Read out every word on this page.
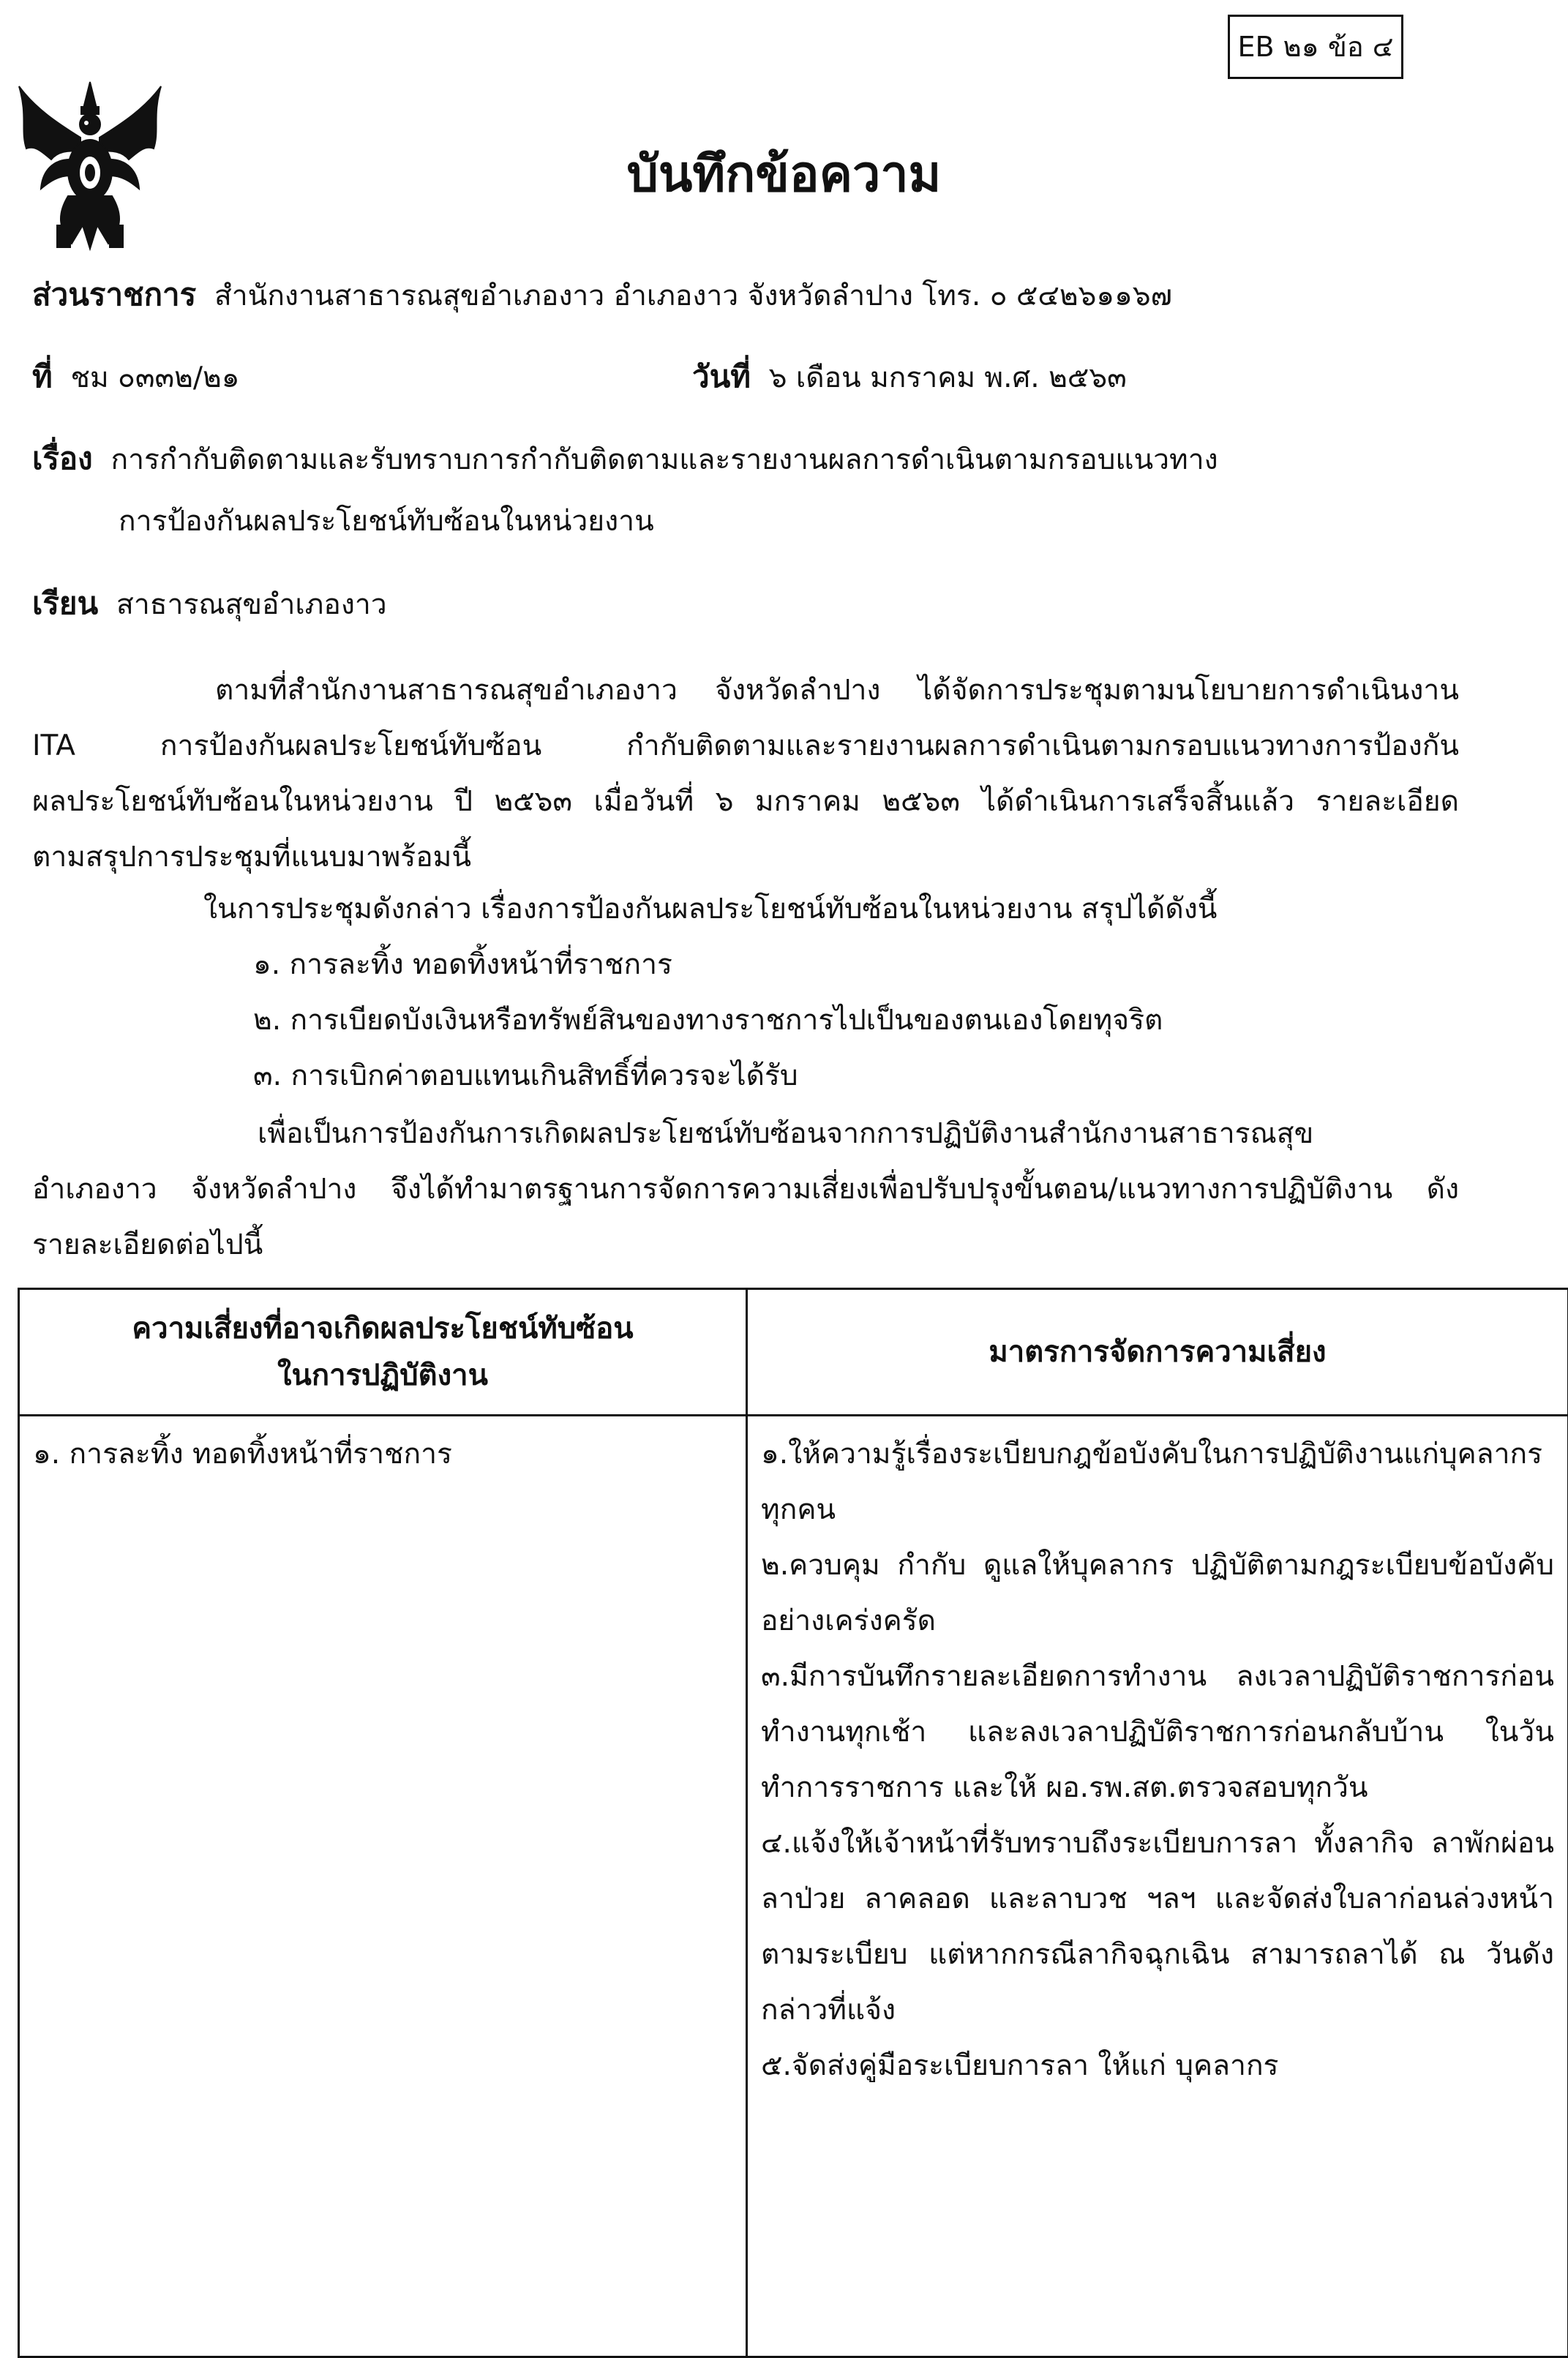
EB ๒๑ ข้อ ๔
บันทึกข้อความ
ส่วนราชการ สำนักงานสาธารณสุขอำเภองาว อำเภองาว จังหวัดลำปาง โทร. ๐ ๕๔๒๖๑๑๖๗
ที่ ชม ๐๓๓๒/๒๑	วันที่ ๖ เดือน มกราคม พ.ศ. ๒๕๖๓
เรื่อง การกำกับติดตามและรับทราบการกำกับติดตามและรายงานผลการดำเนินตามกรอบแนวทาง
การป้องกันผลประโยชน์ทับซ้อนในหน่วยงาน
เรียน สาธารณสุขอำเภองาว

ตามที่สำนักงานสาธารณสุขอำเภองาว จังหวัดลำปาง ได้จัดการประชุมตามนโยบายการดำเนินงาน

ITA การป้องกันผลประโยชน์ทับซ้อน กำกับติดตามและรายงานผลการดำเนินตามกรอบแนวทางการป้องกัน

ผลประโยชน์ทับซ้อนในหน่วยงาน ปี ๒๕๖๓ เมื่อวันที่ ๖ มกราคม ๒๕๖๓ ได้ดำเนินการเสร็จสิ้นแล้ว รายละเอียด

ตามสรุปการประชุมที่แนบมาพร้อมนี้

ในการประชุมดังกล่าว เรื่องการป้องกันผลประโยชน์ทับซ้อนในหน่วยงาน สรุปได้ดังนี้
๑. การละทิ้ง ทอดทิ้งหน้าที่ราชการ
๒. การเบียดบังเงินหรือทรัพย์สินของทางราชการไปเป็นของตนเองโดยทุจริต
๓. การเบิกค่าตอบแทนเกินสิทธิ์ที่ควรจะได้รับ

เพื่อเป็นการป้องกันการเกิดผลประโยชน์ทับซ้อนจากการปฏิบัติงานสำนักงานสาธารณสุข

อำเภองาว จังหวัดลำปาง จึงได้ทำมาตรฐานการจัดการความเสี่ยงเพื่อปรับปรุงขั้นตอน/แนวทางการปฏิบัติงาน ดัง

รายละเอียดต่อไปนี้

ความเสี่ยงที่อาจเกิดผลประโยชน์ทับซ้อน
ในการปฏิบัติงาน	มาตรการจัดการความเสี่ยง

๑. การละทิ้ง ทอดทิ้งหน้าที่ราชการ	๑.ให้ความรู้เรื่องระเบียบกฎข้อบังคับในการปฏิบัติงานแก่บุคลากรทุกคน

๒.ควบคุม กำกับ ดูแลให้บุคลากร ปฏิบัติตามกฎระเบียบข้อบังคับอย่างเคร่งครัด

๓.มีการบันทึกรายละเอียดการทำงาน ลงเวลาปฏิบัติราชการก่อนทำงานทุกเช้า และลงเวลาปฏิบัติราชการก่อนกลับบ้าน ในวันทำการราชการ และให้ ผอ.รพ.สต.ตรวจสอบทุกวัน

๔.แจ้งให้เจ้าหน้าที่รับทราบถึงระเบียบการลา ทั้งลากิจ ลาพักผ่อน ลาป่วย ลาคลอด และลาบวช ฯลฯ และจัดส่งใบลาก่อนล่วงหน้า ตามระเบียบ แต่หากกรณีลากิจฉุกเฉิน สามารถลาได้ ณ วันดังกล่าวที่แจ้ง

๕.จัดส่งคู่มือระเบียบการลา ให้แก่ บุคลากร
